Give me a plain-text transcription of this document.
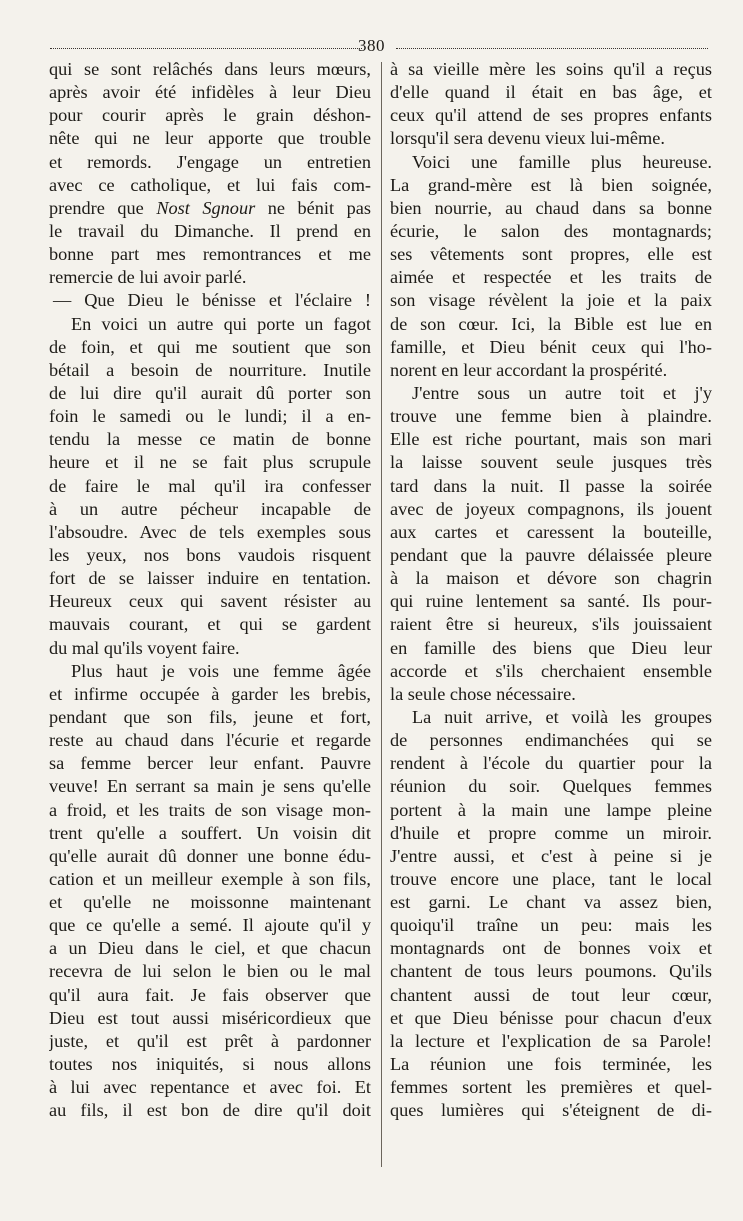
380
qui se sont relâchés dans leurs mœurs,
après avoir été infidèles à leur Dieu
pour courir après le grain déshon-
nête qui ne leur apporte que trouble
et remords. J'engage un entretien
avec ce catholique, et lui fais com-
prendre que Nost Sgnour ne bénit pas
le travail du Dimanche. Il prend en
bonne part mes remontrances et me
remercie de lui avoir parlé.
— Que Dieu le bénisse et l'éclaire !
En voici un autre qui porte un fagot
de foin, et qui me soutient que son
bétail a besoin de nourriture. Inutile
de lui dire qu'il aurait dû porter son
foin le samedi ou le lundi; il a en-
tendu la messe ce matin de bonne
heure et il ne se fait plus scrupule
de faire le mal qu'il ira confesser
à un autre pécheur incapable de
l'absoudre. Avec de tels exemples sous
les yeux, nos bons vaudois risquent
fort de se laisser induire en tentation.
Heureux ceux qui savent résister au
mauvais courant, et qui se gardent
du mal qu'ils voyent faire.
Plus haut je vois une femme âgée
et infirme occupée à garder les brebis,
pendant que son fils, jeune et fort,
reste au chaud dans l'écurie et regarde
sa femme bercer leur enfant. Pauvre
veuve! En serrant sa main je sens qu'elle
a froid, et les traits de son visage mon-
trent qu'elle a souffert. Un voisin dit
qu'elle aurait dû donner une bonne édu-
cation et un meilleur exemple à son fils,
et qu'elle ne moissonne maintenant
que ce qu'elle a semé. Il ajoute qu'il y
a un Dieu dans le ciel, et que chacun
recevra de lui selon le bien ou le mal
qu'il aura fait. Je fais observer que
Dieu est tout aussi miséricordieux que
juste, et qu'il est prêt à pardonner
toutes nos iniquités, si nous allons
à lui avec repentance et avec foi. Et
au fils, il est bon de dire qu'il doit
à sa vieille mère les soins qu'il a reçus
d'elle quand il était en bas âge, et
ceux qu'il attend de ses propres enfants
lorsqu'il sera devenu vieux lui-même.
Voici une famille plus heureuse.
La grand-mère est là bien soignée,
bien nourrie, au chaud dans sa bonne
écurie, le salon des montagnards;
ses vêtements sont propres, elle est
aimée et respectée et les traits de
son visage révèlent la joie et la paix
de son cœur. Ici, la Bible est lue en
famille, et Dieu bénit ceux qui l'ho-
norent en leur accordant la prospérité.
J'entre sous un autre toit et j'y
trouve une femme bien à plaindre.
Elle est riche pourtant, mais son mari
la laisse souvent seule jusques très
tard dans la nuit. Il passe la soirée
avec de joyeux compagnons, ils jouent
aux cartes et caressent la bouteille,
pendant que la pauvre délaissée pleure
à la maison et dévore son chagrin
qui ruine lentement sa santé. Ils pour-
raient être si heureux, s'ils jouissaient
en famille des biens que Dieu leur
accorde et s'ils cherchaient ensemble
la seule chose nécessaire.
La nuit arrive, et voilà les groupes
de personnes endimanchées qui se
rendent à l'école du quartier pour la
réunion du soir. Quelques femmes
portent à la main une lampe pleine
d'huile et propre comme un miroir.
J'entre aussi, et c'est à peine si je
trouve encore une place, tant le local
est garni. Le chant va assez bien,
quoiqu'il traîne un peu: mais les
montagnards ont de bonnes voix et
chantent de tous leurs poumons. Qu'ils
chantent aussi de tout leur cœur,
et que Dieu bénisse pour chacun d'eux
la lecture et l'explication de sa Parole!
La réunion une fois terminée, les
femmes sortent les premières et quel-
ques lumières qui s'éteignent de di-
